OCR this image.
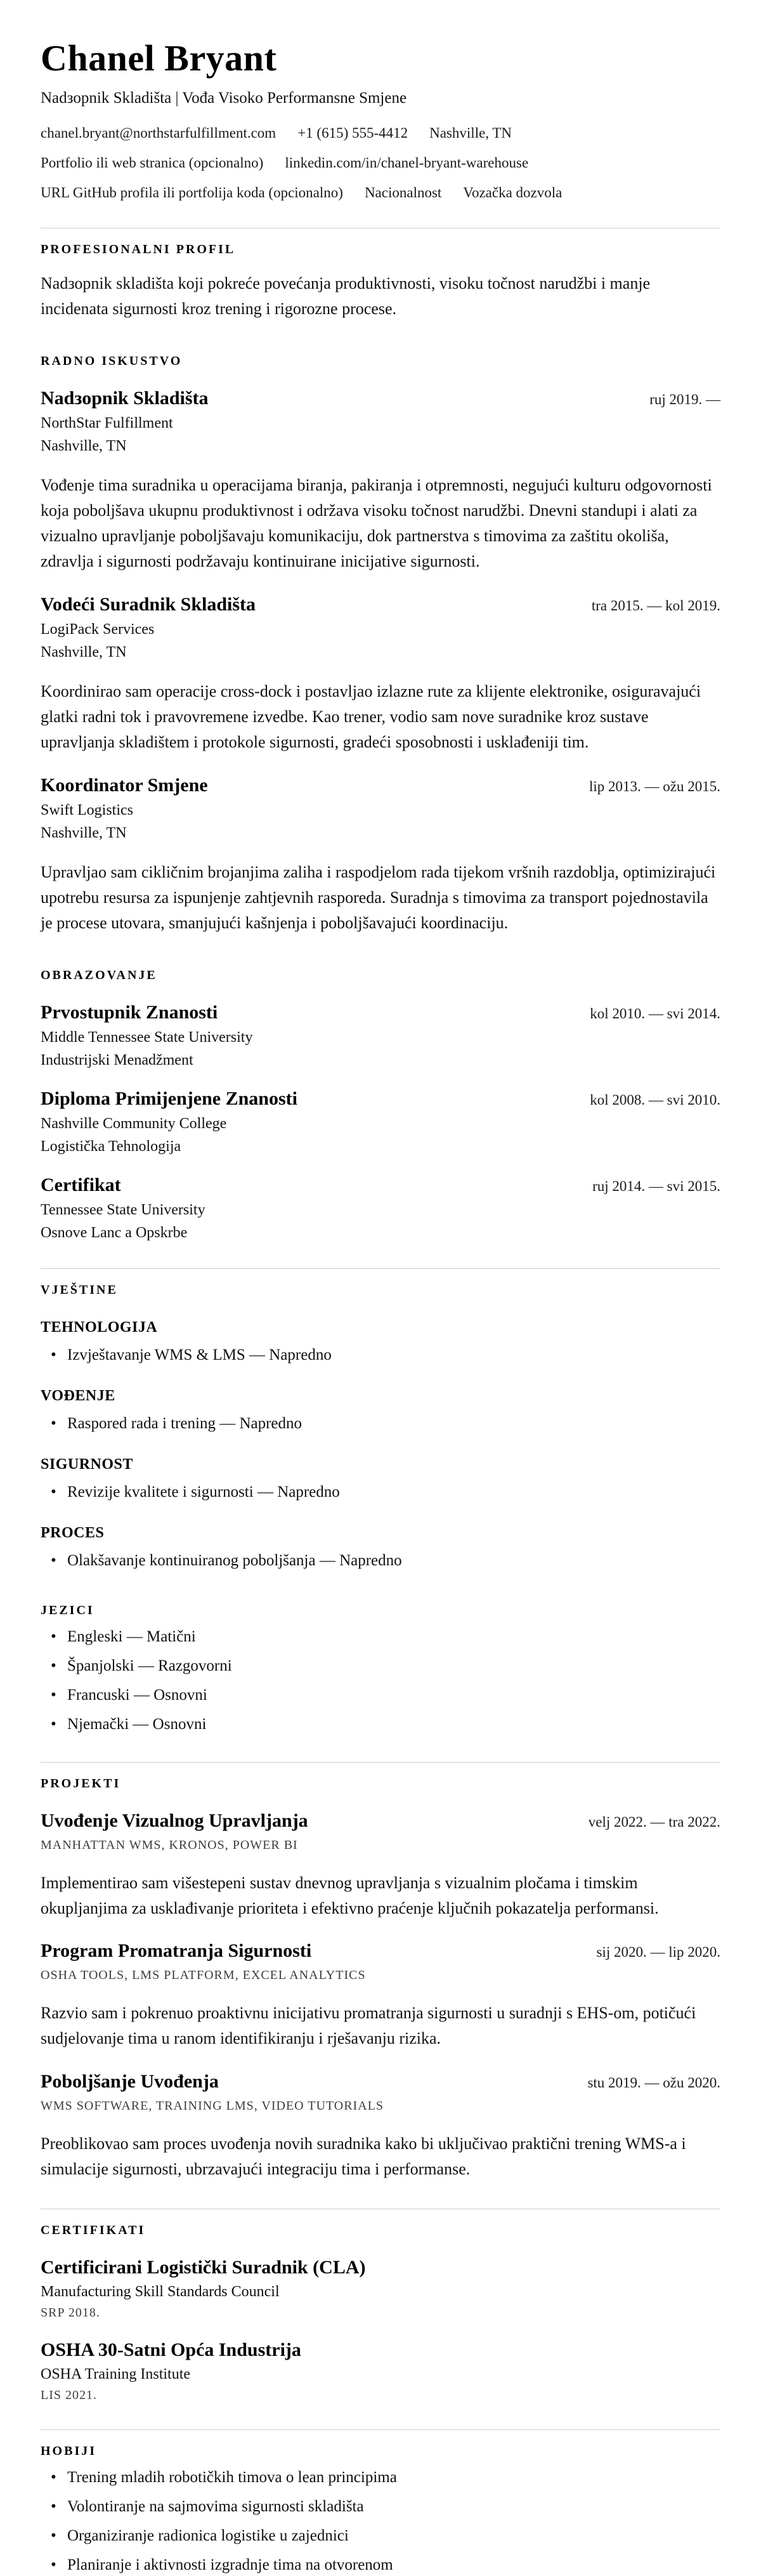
Chanel Bryant
Nadзорnik Skladišta | Vođa Visoko Performansne Smjene
chanel.bryant@northstarfulfillment.com +1 (615) 555-4412 Nashville, TN
Portfolio ili web stranica (opcionalno) linkedin.com/in/chanel-bryant-warehouse
URL GitHub profila ili portfolija koda (opcionalno) Nacionalnost Vozačka dozvola
PROFESIONALNI PROFIL

Nadзорnik skladišta koji pokreće povećanja produktivnosti, visoku točnost narudžbi i manje incidenata sigurnosti kroz trening i rigorozne procese.

RADNO ISKUSTVO
Nadзорnik Skladišta	ruj 2019. —
NorthStar Fulfillment
Nashville, TN

Vođenje tima suradnika u operacijama biranja, pakiranja i otpremnosti, negujući kulturu odgovornosti koja poboljšava ukupnu produktivnost i održava visoku točnost narudžbi. Dnevni standupi i alati za vizualno upravljanje poboljšavaju komunikaciju, dok partnerstva s timovima za zaštitu okoliša, zdravlja i sigurnosti podržavaju kontinuirane inicijative sigurnosti.

Vodeći Suradnik Skladišta	tra 2015. — kol 2019.
LogiPack Services
Nashville, TN

Koordinirao sam operacije cross-dock i postavljao izlazne rute za klijente elektronike, osiguravajući glatki radni tok i pravovremene izvedbe. Kao trener, vodio sam nove suradnike kroz sustave upravljanja skladištem i protokole sigurnosti, gradeći sposobnosti i usklađeniji tim.

Koordinator Smjene	lip 2013. — ožu 2015.
Swift Logistics
Nashville, TN

Upravljao sam cikličnim brojanjima zaliha i raspodjelom rada tijekom vršnih razdoblja, optimizirajući upotrebu resursa za ispunjenje zahtjevnih rasporeda. Suradnja s timovima za transport pojednostavila je procese utovara, smanjujući kašnjenja i poboljšavajući koordinaciju.

OBRAZOVANJE
Prvostupnik Znanosti	kol 2010. — svi 2014.
Middle Tennessee State University
Industrijski Menadžment
Diploma Primijenjene Znanosti	kol 2008. — svi 2010.
Nashville Community College
Logistička Tehnologija
Certifikat	ruj 2014. — svi 2015.
Tennessee State University
Osnove Lanc a Opskrbe
VJEŠTINE
TEHNOLOGIJA
• Izvještavanje WMS & LMS — Napredno
VOĐENJE
• Raspored rada i trening — Napredno
SIGURNOST
• Revizije kvalitete i sigurnosti — Napredno
PROCES
• Olakšavanje kontinuiranog poboljšanja — Napredno
JEZICI
• Engleski — Matični
• Španjolski — Razgovorni
• Francuski — Osnovni
• Njemački — Osnovni
PROJEKTI
Uvođenje Vizualnog Upravljanja	velj 2022. — tra 2022.
MANHATTAN WMS, KRONOS, POWER BI

Implementirao sam višestepeni sustav dnevnog upravljanja s vizualnim pločama i timskim okupljanjima za usklađivanje prioriteta i efektivno praćenje ključnih pokazatelja performansi.

Program Promatranja Sigurnosti	sij 2020. — lip 2020.
OSHA TOOLS, LMS PLATFORM, EXCEL ANALYTICS

Razvio sam i pokrenuo proaktivnu inicijativu promatranja sigurnosti u suradnji s EHS-om, potičući sudjelovanje tima u ranom identifikiranju i rješavanju rizika.

Poboljšanje Uvođenja	stu 2019. — ožu 2020.
WMS SOFTWARE, TRAINING LMS, VIDEO TUTORIALS

Preoblikovao sam proces uvođenja novih suradnika kako bi uključivao praktični trening WMS-a i simulacije sigurnosti, ubrzavajući integraciju tima i performanse.

CERTIFIKATI
Certificirani Logistički Suradnik (CLA)
Manufacturing Skill Standards Council
SRP 2018.
OSHA 30-Satni Opća Industrija
OSHA Training Institute
LIS 2021.
HOBIJI
• Trening mladih robotičkih timova o lean principima
• Volontiranje na sajmovima sigurnosti skladišta
• Organiziranje radionica logistike u zajednici
• Planiranje i aktivnosti izgradnje tima na otvorenom
